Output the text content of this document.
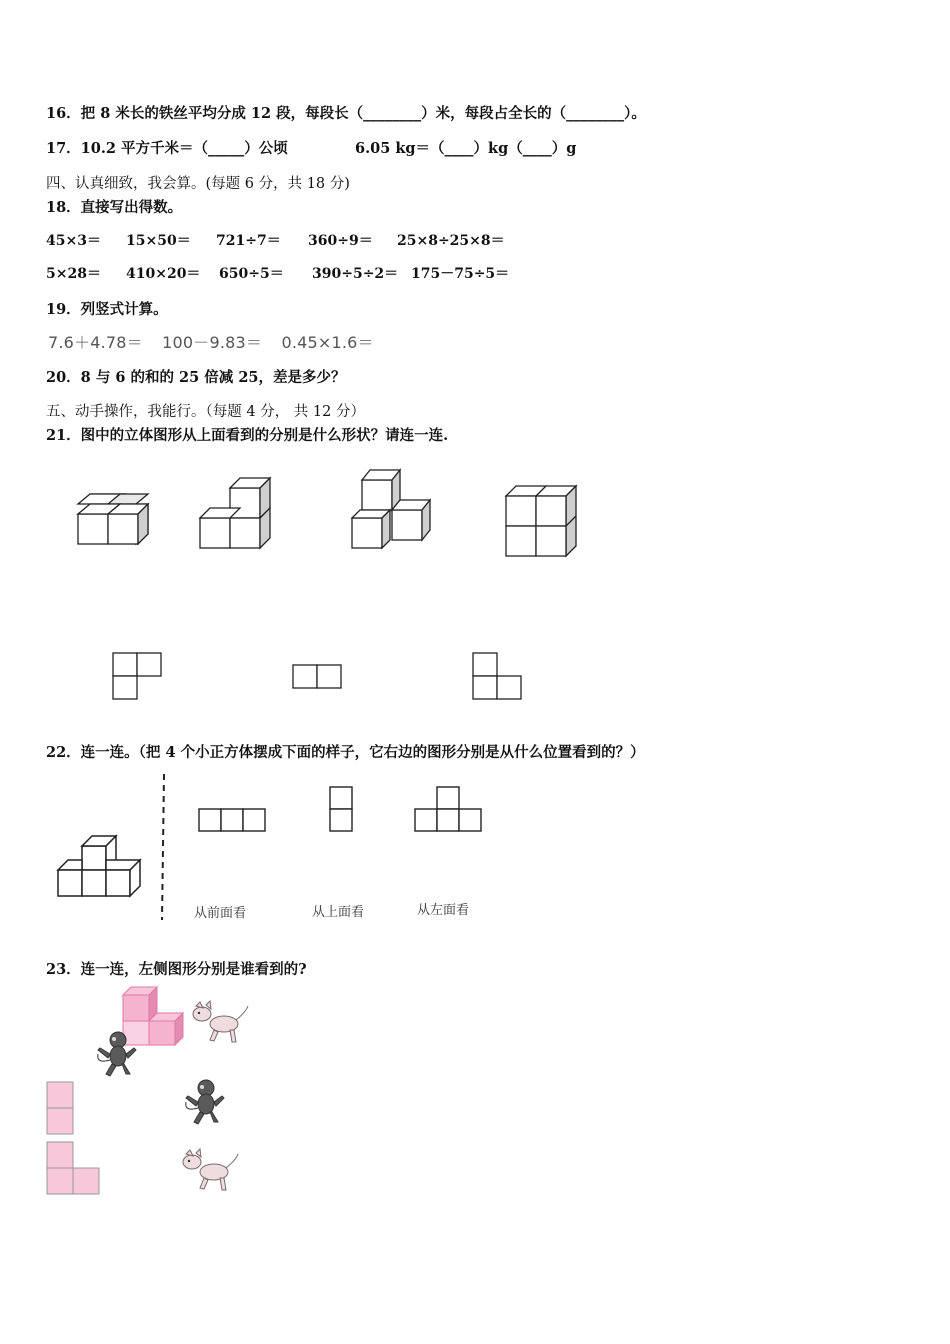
16．把 8 米长的铁丝平均分成 12 段，每段长（________）米，每段占全长的（________）。
17．10.2 平方千米＝（_____）公顷	6.05 kg＝（____）kg（____）g
四、认真细致，我会算。(每题 6 分，共 18 分)
18．直接写出得数。
45×3＝ 15×50＝ 721÷7＝ 360÷9＝ 25×8÷25×8＝
5×28＝ 410×20＝ 650÷5＝ 390÷5÷2＝ 175－75÷5＝
19．列竖式计算。
7.6＋4.78＝ 100－9.83＝ 0.45×1.6＝
20．8 与 6 的和的 25 倍减 25，差是多少？
五、动手操作，我能行。（每题 4 分， 共 12 分）
21．图中的立体图形从上面看到的分别是什么形状？请连一连.
22．连一连。（把 4 个小正方体摆成下面的样子，它右边的图形分别是从什么位置看到的？）
从前面看	从上面看	从左面看
23．连一连，左侧图形分别是谁看到的?
